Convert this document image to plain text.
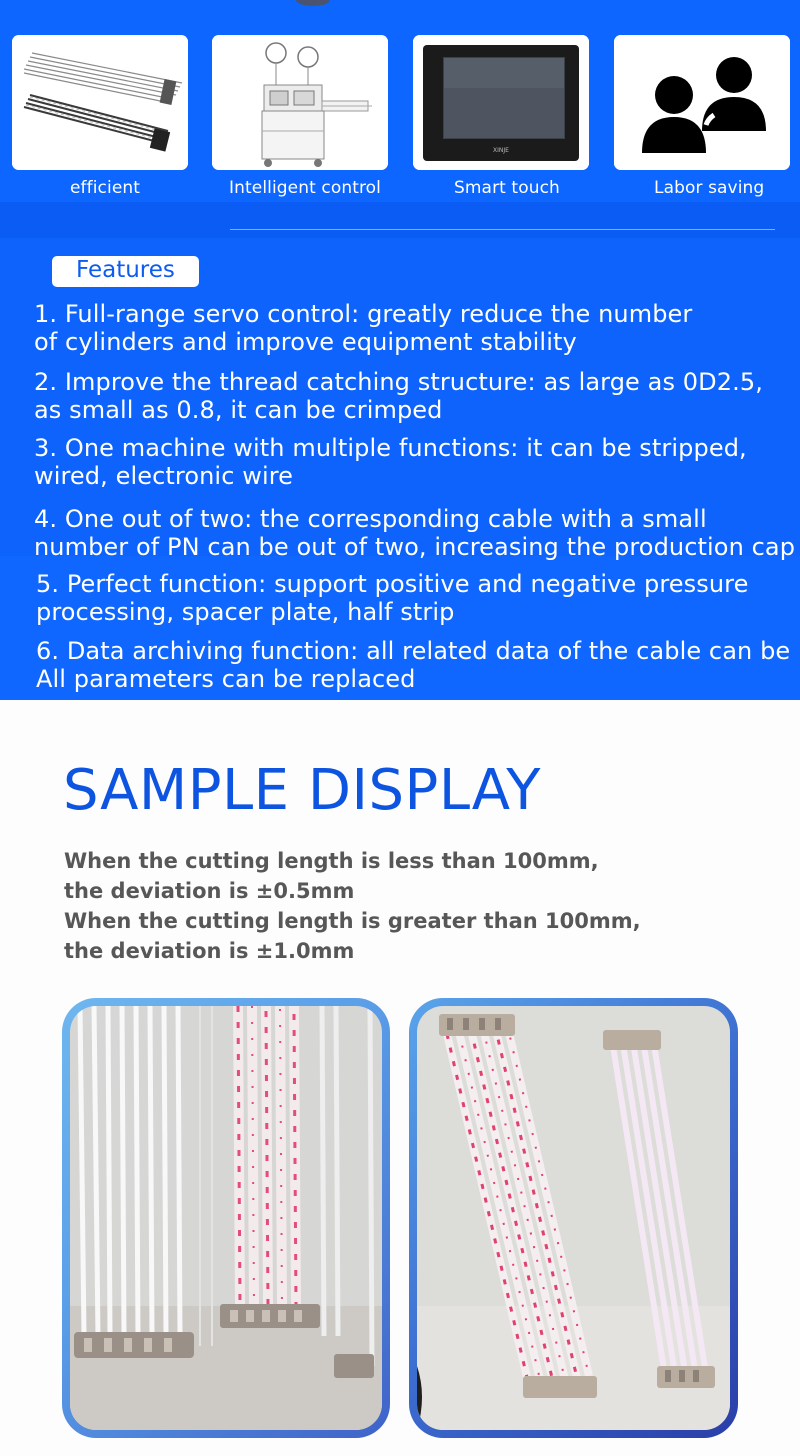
efficient	Intelligent control
XINJE
Smart touch	Labor saving
Features
1. Full-range servo control: greatly reduce the number
of cylinders and improve equipment stability
2. Improve the thread catching structure: as large as 0D2.5,
as small as 0.8, it can be crimped
3. One machine with multiple functions: it can be stripped,
wired, electronic wire
4. One out of two: the corresponding cable with a small
number of PN can be out of two, increasing the production cap
5. Perfect function: support positive and negative pressure
processing, spacer plate, half strip
6. Data archiving function: all related data of the cable can be
All parameters can be replaced
SAMPLE DISPLAY
When the cutting length is less than 100mm,
the deviation is ±0.5mm
When the cutting length is greater than 100mm,
the deviation is ±1.0mm
